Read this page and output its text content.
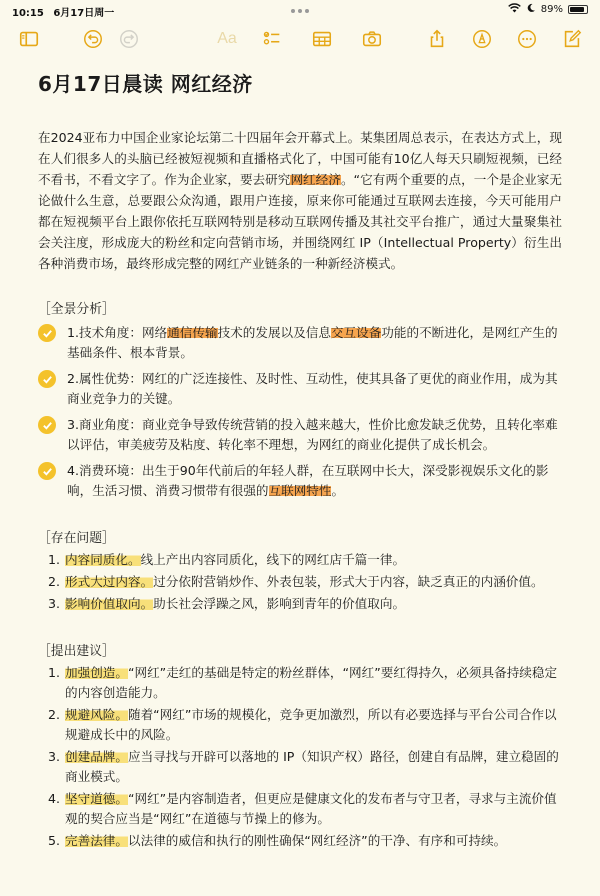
10:15 6月17日周一	89%
Aa
6月17日晨读 网红经济
在2024亚布力中国企业家论坛第二十四届年会开幕式上。某集团周总表示，在表达方式上，现在人们很多人的头脑已经被短视频和直播格式化了，中国可能有10亿人每天只刷短视频，已经不看书，不看文字了。作为企业家，要去研究网红经济。“它有两个重要的点，一个是企业家无论做什么生意，总要跟公众沟通，跟用户连接，原来你可能通过互联网去连接，今天可能用户都在短视频平台上跟你依托互联网特别是移动互联网传播及其社交平台推广，通过大量聚集社会关注度，形成庞大的粉丝和定向营销市场，并围绕网红 IP（Intellectual Property）衍生出各种消费市场，最终形成完整的网红产业链条的一种新经济模式。
［全景分析］
1.技术角度：网络通信传输技术的发展以及信息交互设备功能的不断进化，是网红产生的基础条件、根本背景。
2.属性优势：网红的广泛连接性、及时性、互动性，使其具备了更优的商业作用，成为其商业竞争力的关键。
3.商业角度：商业竞争导致传统营销的投入越来越大，性价比愈发缺乏优势，且转化率难以评估，审美疲劳及粘度、转化率不理想，为网红的商业化提供了成长机会。
4.消费环境：出生于90年代前后的年轻人群，在互联网中长大，深受影视娱乐文化的影响，生活习惯、消费习惯带有很强的互联网特性。
［存在问题］
1. 内容同质化。线上产出内容同质化，线下的网红店千篇一律。
2. 形式大过内容。过分依附营销炒作、外表包装，形式大于内容，缺乏真正的内涵价值。
3. 影响价值取向。助长社会浮躁之风，影响到青年的价值取向。
［提出建议］
1. 加强创造。“网红”走红的基础是特定的粉丝群体，“网红”要红得持久，必须具备持续稳定的内容创造能力。
2. 规避风险。随着“网红”市场的规模化，竞争更加激烈，所以有必要选择与平台公司合作以规避成长中的风险。
3. 创建品牌。应当寻找与开辟可以落地的 IP（知识产权）路径，创建自有品牌，建立稳固的商业模式。
4. 坚守道德。“网红”是内容制造者，但更应是健康文化的发布者与守卫者，寻求与主流价值观的契合应当是“网红”在道德与节操上的修为。
5. 完善法律。以法律的威信和执行的刚性确保“网红经济”的干净、有序和可持续。
